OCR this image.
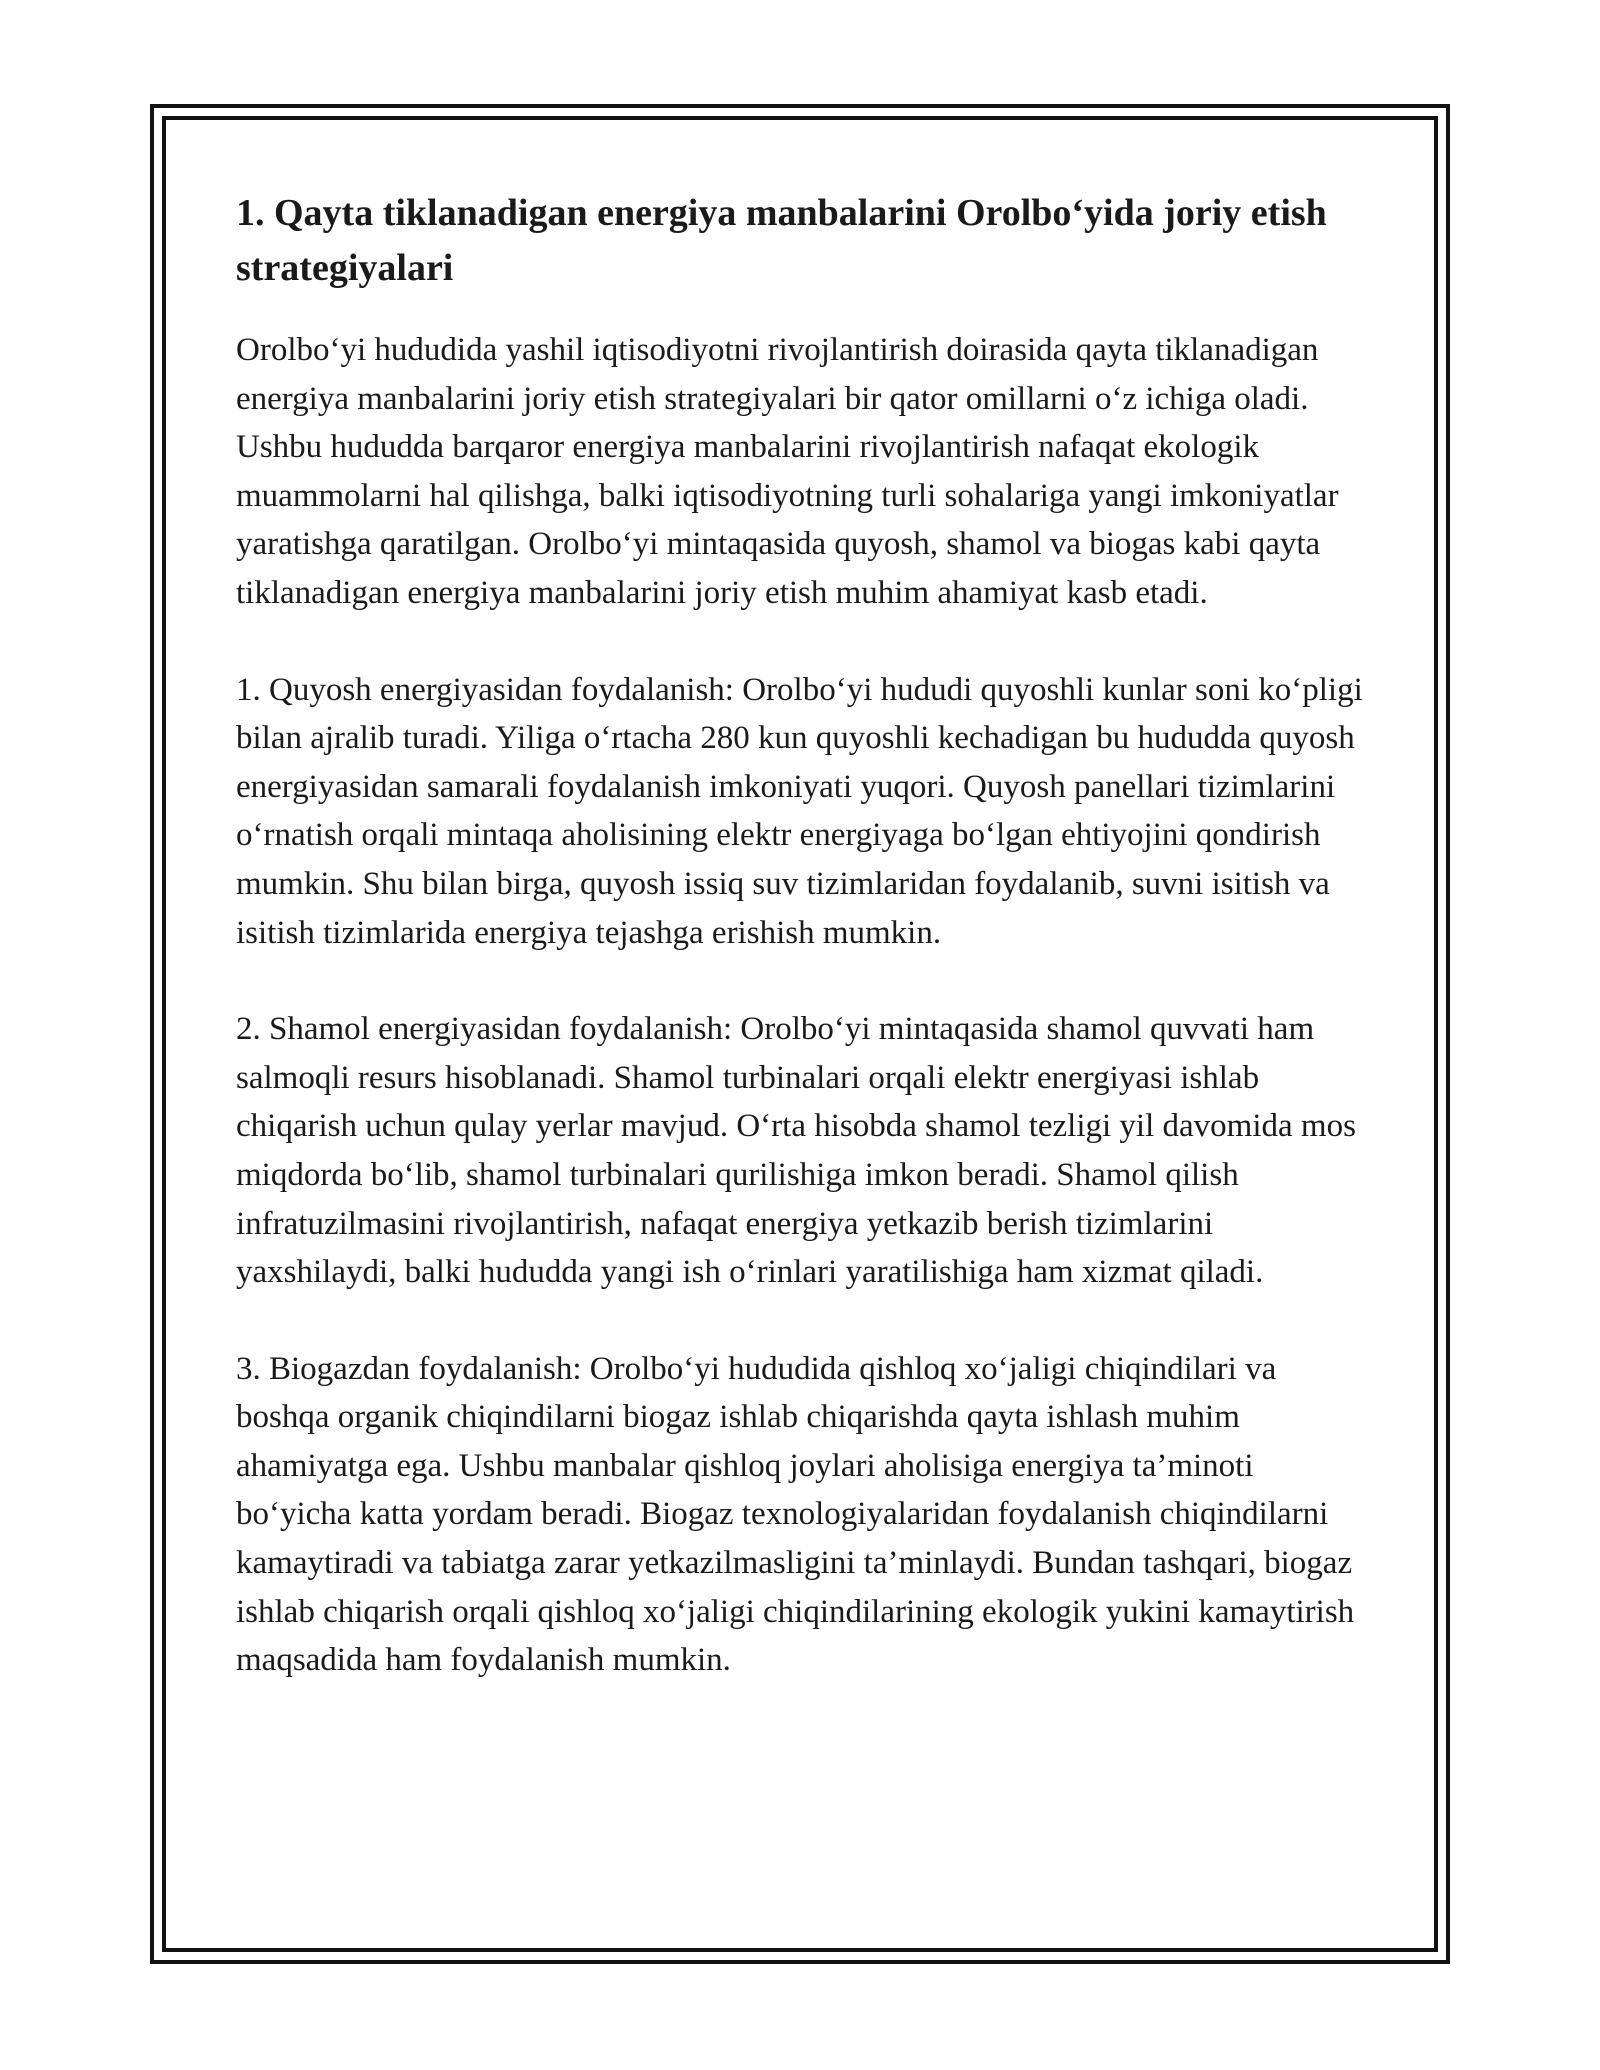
1. Qayta tiklanadigan energiya manbalarini Orolbo‘yida joriy etish strategiyalari

Orolbo‘yi hududida yashil iqtisodiyotni rivojlantirish doirasida qayta tiklanadigan energiya manbalarini joriy etish strategiyalari bir qator omillarni o‘z ichiga oladi. Ushbu hududda barqaror energiya manbalarini rivojlantirish nafaqat ekologik muammolarni hal qilishga, balki iqtisodiyotning turli sohalariga yangi imkoniyatlar yaratishga qaratilgan. Orolbo‘yi mintaqasida quyosh, shamol va biogas kabi qayta tiklanadigan energiya manbalarini joriy etish muhim ahamiyat kasb etadi.

1. Quyosh energiyasidan foydalanish: Orolbo‘yi hududi quyoshli kunlar soni ko‘pligi bilan ajralib turadi. Yiliga o‘rtacha 280 kun quyoshli kechadigan bu hududda quyosh energiyasidan samarali foydalanish imkoniyati yuqori. Quyosh panellari tizimlarini o‘rnatish orqali mintaqa aholisining elektr energiyaga bo‘lgan ehtiyojini qondirish mumkin. Shu bilan birga, quyosh issiq suv tizimlaridan foydalanib, suvni isitish va isitish tizimlarida energiya tejashga erishish mumkin.

2. Shamol energiyasidan foydalanish: Orolbo‘yi mintaqasida shamol quvvati ham salmoqli resurs hisoblanadi. Shamol turbinalari orqali elektr energiyasi ishlab chiqarish uchun qulay yerlar mavjud. O‘rta hisobda shamol tezligi yil davomida mos miqdorda bo‘lib, shamol turbinalari qurilishiga imkon beradi. Shamol qilish infratuzilmasini rivojlantirish, nafaqat energiya yetkazib berish tizimlarini yaxshilaydi, balki hududda yangi ish o‘rinlari yaratilishiga ham xizmat qiladi.

3. Biogazdan foydalanish: Orolbo‘yi hududida qishloq xo‘jaligi chiqindilari va boshqa organik chiqindilarni biogaz ishlab chiqarishda qayta ishlash muhim ahamiyatga ega. Ushbu manbalar qishloq joylari aholisiga energiya ta’minoti bo‘yicha katta yordam beradi. Biogaz texnologiyalaridan foydalanish chiqindilarni kamaytiradi va tabiatga zarar yetkazilmasligini ta’minlaydi. Bundan tashqari, biogaz ishlab chiqarish orqali qishloq xo‘jaligi chiqindilarining ekologik yukini kamaytirish maqsadida ham foydalanish mumkin.
